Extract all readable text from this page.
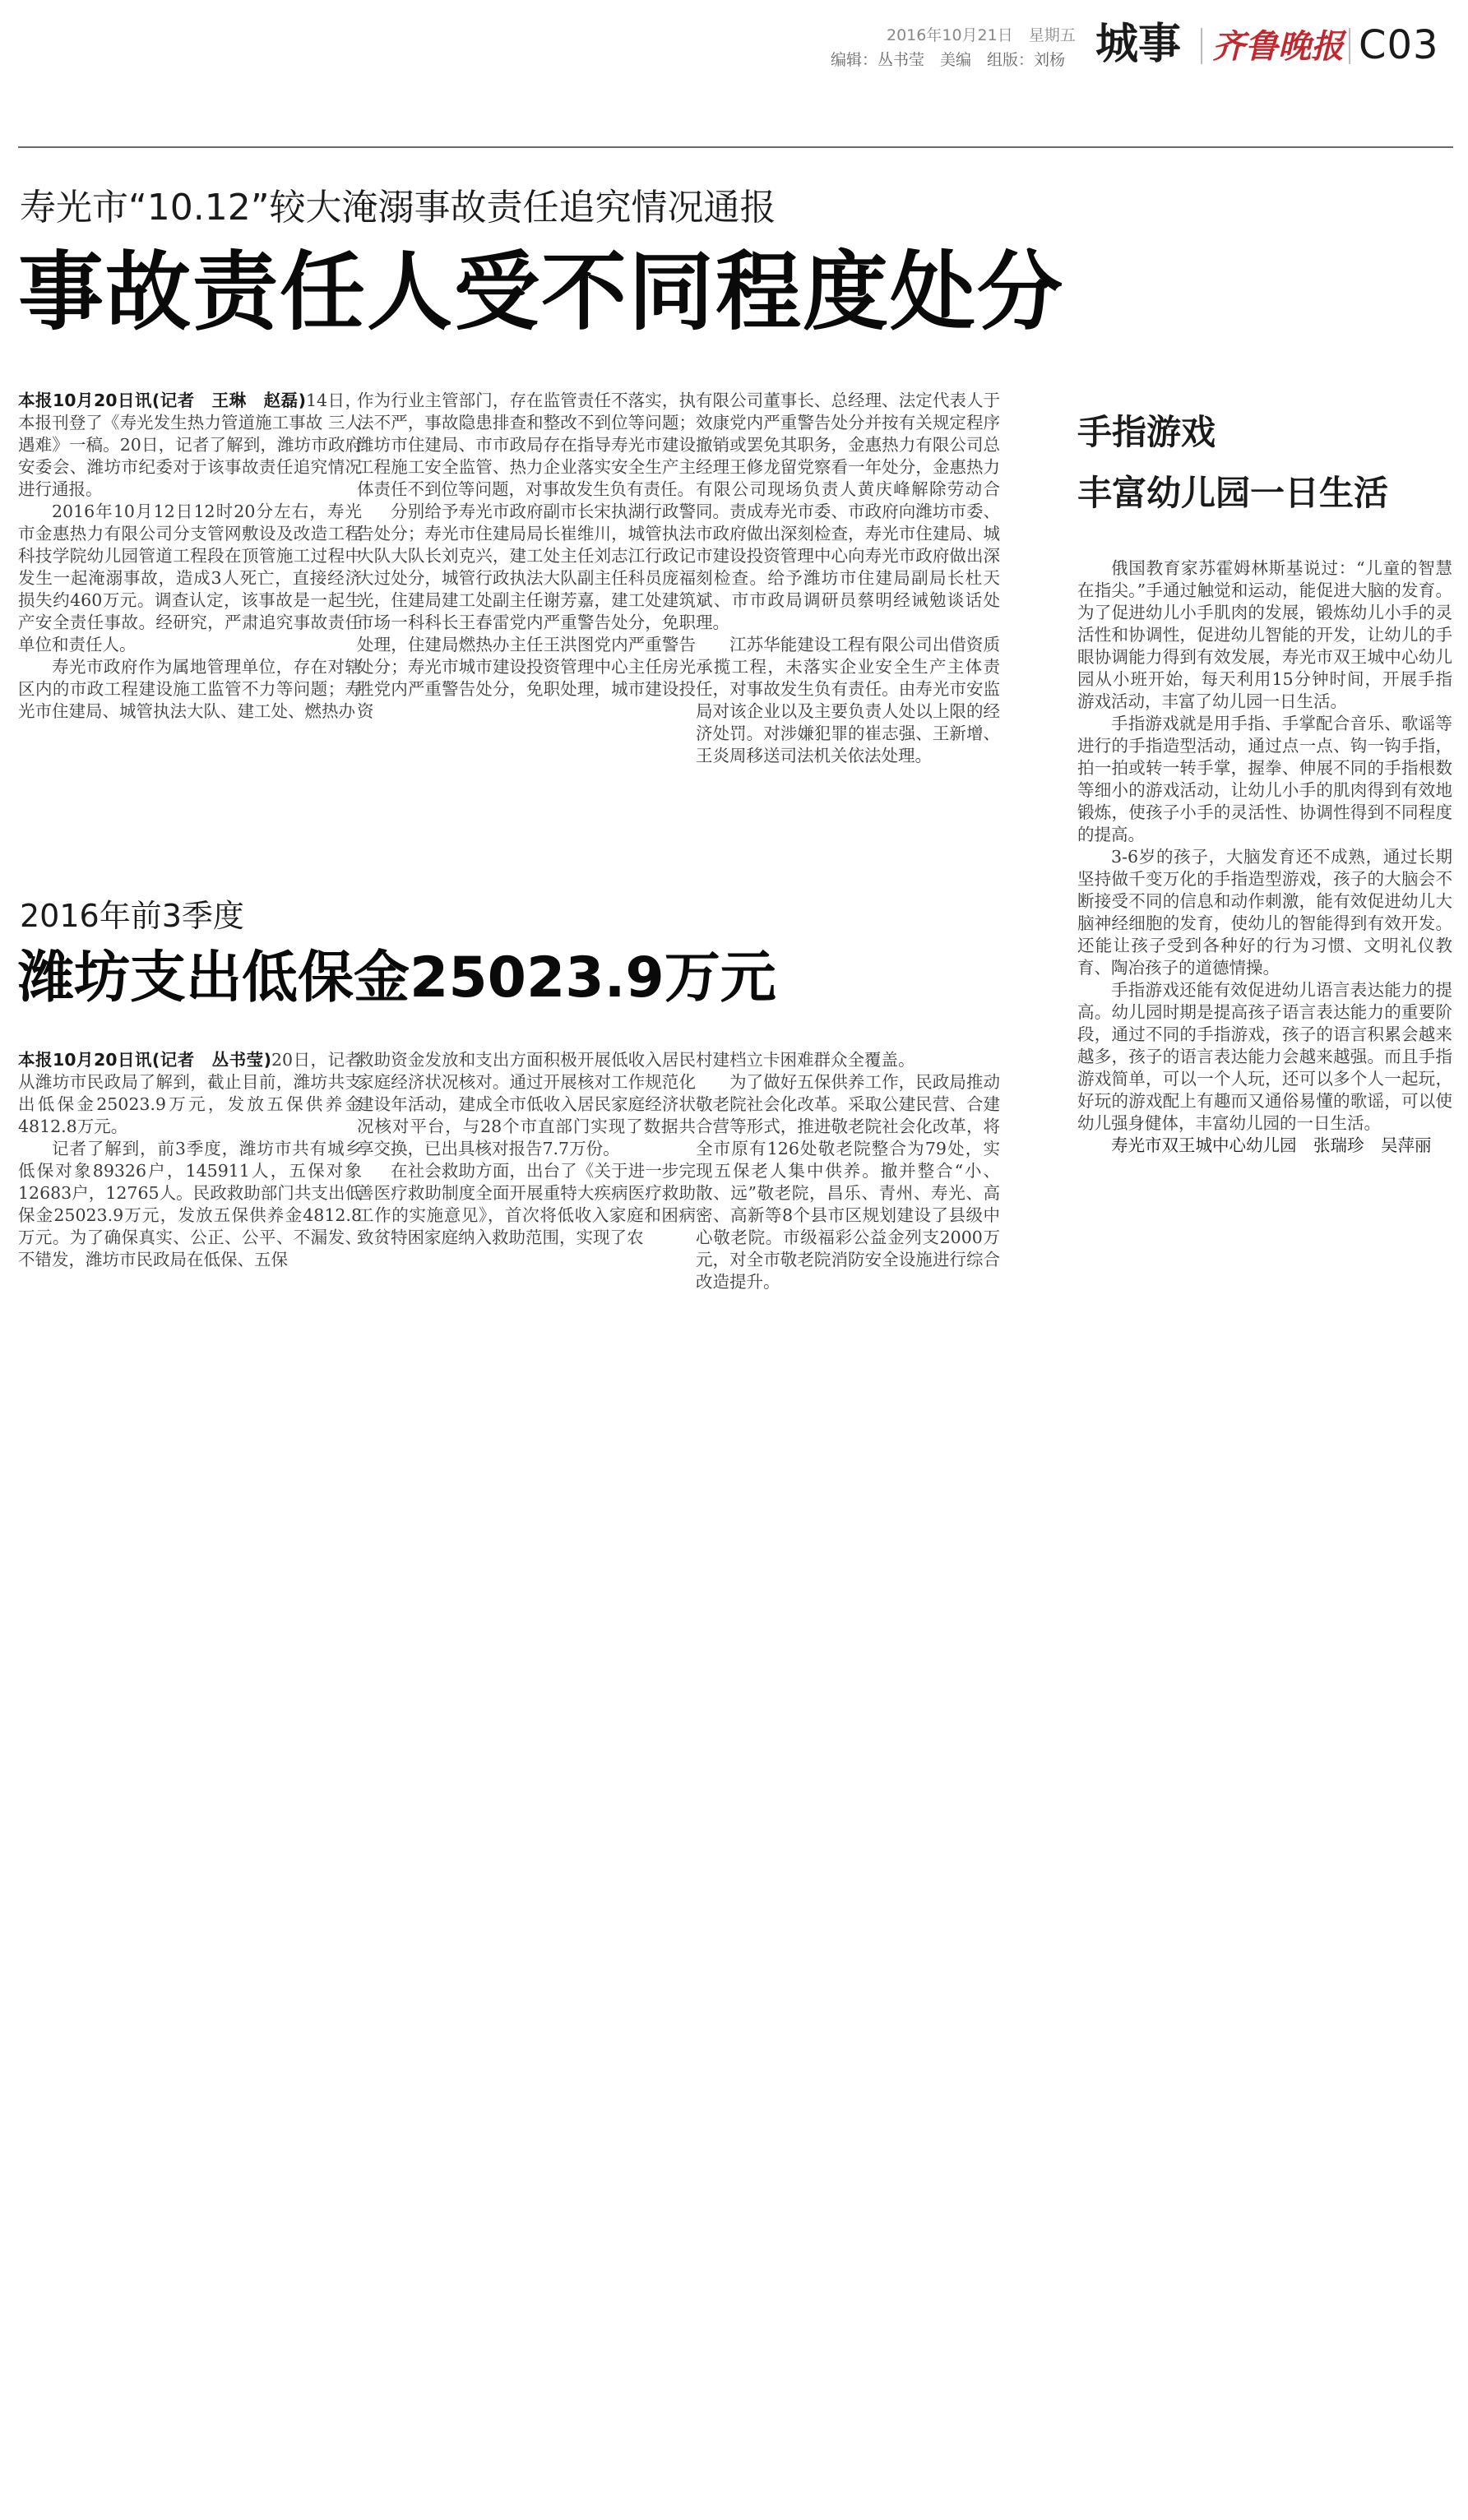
2016年10月21日　星期五
编辑：丛书莹　美编　组版：刘杨 城事 齐鲁晚报 C03
寿光市“10.12”较大淹溺事故责任追究情况通报
事故责任人受不同程度处分

本报10月20日讯(记者　王琳　赵磊)14日，本报刊登了《寿光发生热力管道施工事故 三人遇难》一稿。20日，记者了解到，潍坊市政府安委会、潍坊市纪委对于该事故责任追究情况进行通报。

2016年10月12日12时20分左右，寿光市金惠热力有限公司分支管网敷设及改造工程科技学院幼儿园管道工程段在顶管施工过程中发生一起淹溺事故，造成3人死亡，直接经济损失约460万元。调查认定，该事故是一起生产安全责任事故。经研究，严肃追究事故责任单位和责任人。

寿光市政府作为属地管理单位，存在对辖区内的市政工程建设施工监管不力等问题；寿光市住建局、城管执法大队、建工处、燃热办

作为行业主管部门，存在监管责任不落实，执法不严，事故隐患排查和整改不到位等问题；潍坊市住建局、市市政局存在指导寿光市建设工程施工安全监管、热力企业落实安全生产主体责任不到位等问题，对事故发生负有责任。

分别给予寿光市政府副市长宋执湖行政警告处分；寿光市住建局局长崔维川，城管执法大队大队长刘克兴，建工处主任刘志江行政记大过处分，城管行政执法大队副主任科员庞福光，住建局建工处副主任谢芳嘉，建工处建筑市场一科科长王春雷党内严重警告处分，免职处理，住建局燃热办主任王洪图党内严重警告处分；寿光市城市建设投资管理中心主任房光胜党内严重警告处分，免职处理，城市建设投资

有限公司董事长、总经理、法定代表人于效康党内严重警告处分并按有关规定程序撤销或罢免其职务，金惠热力有限公司总经理王修龙留党察看一年处分，金惠热力有限公司现场负责人黄庆峰解除劳动合同。责成寿光市委、市政府向潍坊市委、市政府做出深刻检查，寿光市住建局、城市建设投资管理中心向寿光市政府做出深刻检查。给予潍坊市住建局副局长杜天斌、市市政局调研员蔡明经诫勉谈话处理。

江苏华能建设工程有限公司出借资质承揽工程，未落实企业安全生产主体责任，对事故发生负有责任。由寿光市安监局对该企业以及主要负责人处以上限的经济处罚。对涉嫌犯罪的崔志强、王新增、王炎周移送司法机关依法处理。

2016年前3季度
潍坊支出低保金25023.9万元

本报10月20日讯(记者　丛书莹)20日，记者从潍坊市民政局了解到，截止目前，潍坊共支出低保金25023.9万元，发放五保供养金4812.8万元。

记者了解到，前3季度，潍坊市共有城乡低保对象89326户，145911人，五保对象12683户，12765人。民政救助部门共支出低保金25023.9万元，发放五保供养金4812.8万元。为了确保真实、公正、公平、不漏发、不错发，潍坊市民政局在低保、五保

救助资金发放和支出方面积极开展低收入居民家庭经济状况核对。通过开展核对工作规范化建设年活动，建成全市低收入居民家庭经济状况核对平台，与28个市直部门实现了数据共享交换，已出具核对报告7.7万份。

在社会救助方面，出台了《关于进一步完善医疗救助制度全面开展重特大疾病医疗救助工作的实施意见》，首次将低收入家庭和困病致贫特困家庭纳入救助范围，实现了农

村建档立卡困难群众全覆盖。

为了做好五保供养工作，民政局推动敬老院社会化改革。采取公建民营、合建合营等形式，推进敬老院社会化改革，将全市原有126处敬老院整合为79处，实现五保老人集中供养。撤并整合“小、散、远”敬老院，昌乐、青州、寿光、高密、高新等8个县市区规划建设了县级中心敬老院。市级福彩公益金列支2000万元，对全市敬老院消防安全设施进行综合改造提升。

手指游戏
丰富幼儿园一日生活

俄国教育家苏霍姆林斯基说过：“儿童的智慧在指尖。”手通过触觉和运动，能促进大脑的发育。为了促进幼儿小手肌肉的发展，锻炼幼儿小手的灵活性和协调性，促进幼儿智能的开发，让幼儿的手眼协调能力得到有效发展，寿光市双王城中心幼儿园从小班开始，每天利用15分钟时间，开展手指游戏活动，丰富了幼儿园一日生活。

手指游戏就是用手指、手掌配合音乐、歌谣等进行的手指造型活动，通过点一点、钩一钩手指，拍一拍或转一转手掌，握拳、伸展不同的手指根数等细小的游戏活动，让幼儿小手的肌肉得到有效地锻炼，使孩子小手的灵活性、协调性得到不同程度的提高。

3-6岁的孩子，大脑发育还不成熟，通过长期坚持做千变万化的手指造型游戏，孩子的大脑会不断接受不同的信息和动作刺激，能有效促进幼儿大脑神经细胞的发育，使幼儿的智能得到有效开发。还能让孩子受到各种好的行为习惯、文明礼仪教育、陶冶孩子的道德情操。

手指游戏还能有效促进幼儿语言表达能力的提高。幼儿园时期是提高孩子语言表达能力的重要阶段，通过不同的手指游戏，孩子的语言积累会越来越多，孩子的语言表达能力会越来越强。而且手指游戏简单，可以一个人玩，还可以多个人一起玩，好玩的游戏配上有趣而又通俗易懂的歌谣，可以使幼儿强身健体，丰富幼儿园的一日生活。

寿光市双王城中心幼儿园　张瑞珍　吴萍丽
